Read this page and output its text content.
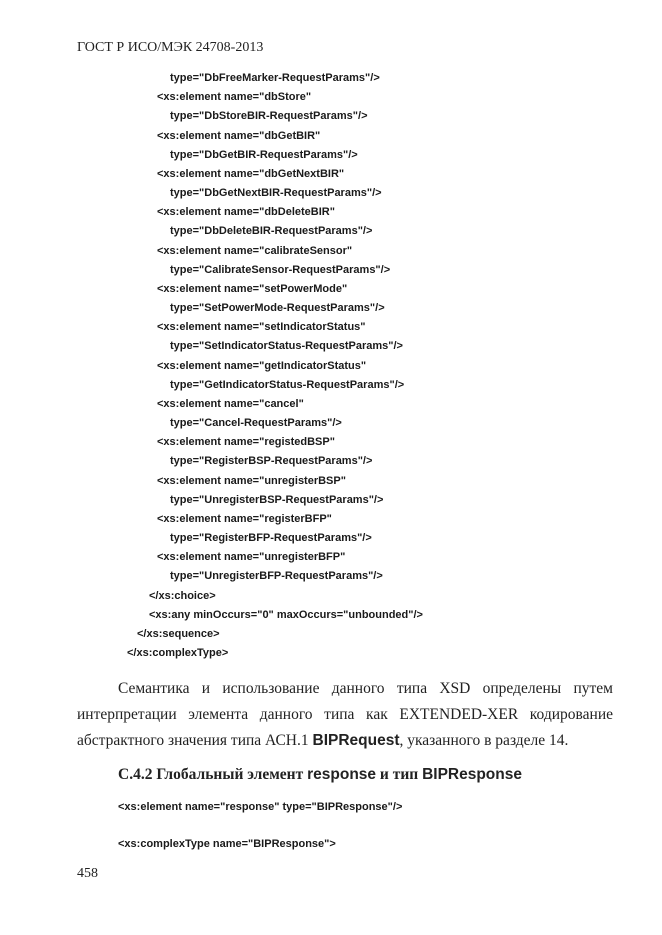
ГОСТ Р ИСО/МЭК 24708-2013
type="DbFreeMarker-RequestParams"/>
<xs:element name="dbStore"
type="DbStoreBIR-RequestParams"/>
<xs:element name="dbGetBIR"
type="DbGetBIR-RequestParams"/>
<xs:element name="dbGetNextBIR"
type="DbGetNextBIR-RequestParams"/>
<xs:element name="dbDeleteBIR"
type="DbDeleteBIR-RequestParams"/>
<xs:element name="calibrateSensor"
type="CalibrateSensor-RequestParams"/>
<xs:element name="setPowerMode"
type="SetPowerMode-RequestParams"/>
<xs:element name="setIndicatorStatus"
type="SetIndicatorStatus-RequestParams"/>
<xs:element name="getIndicatorStatus"
type="GetIndicatorStatus-RequestParams"/>
<xs:element name="cancel"
type="Cancel-RequestParams"/>
<xs:element name="registedBSP"
type="RegisterBSP-RequestParams"/>
<xs:element name="unregisterBSP"
type="UnregisterBSP-RequestParams"/>
<xs:element name="registerBFP"
type="RegisterBFP-RequestParams"/>
<xs:element name="unregisterBFP"
type="UnregisterBFP-RequestParams"/>
</xs:choice>
<xs:any minOccurs="0" maxOccurs="unbounded"/>
</xs:sequence>
</xs:complexType>
Семантика и использование данного типа XSD определены путем
интерпретации элемента данного типа как EXTENDED-XER кодирование
абстрактного значения типа АСН.1 BIPRequest, указанного в разделе 14.
С.4.2 Глобальный элемент response и тип BIPResponse
<xs:element name="response" type="BIPResponse"/>
<xs:complexType name="BIPResponse">
458
